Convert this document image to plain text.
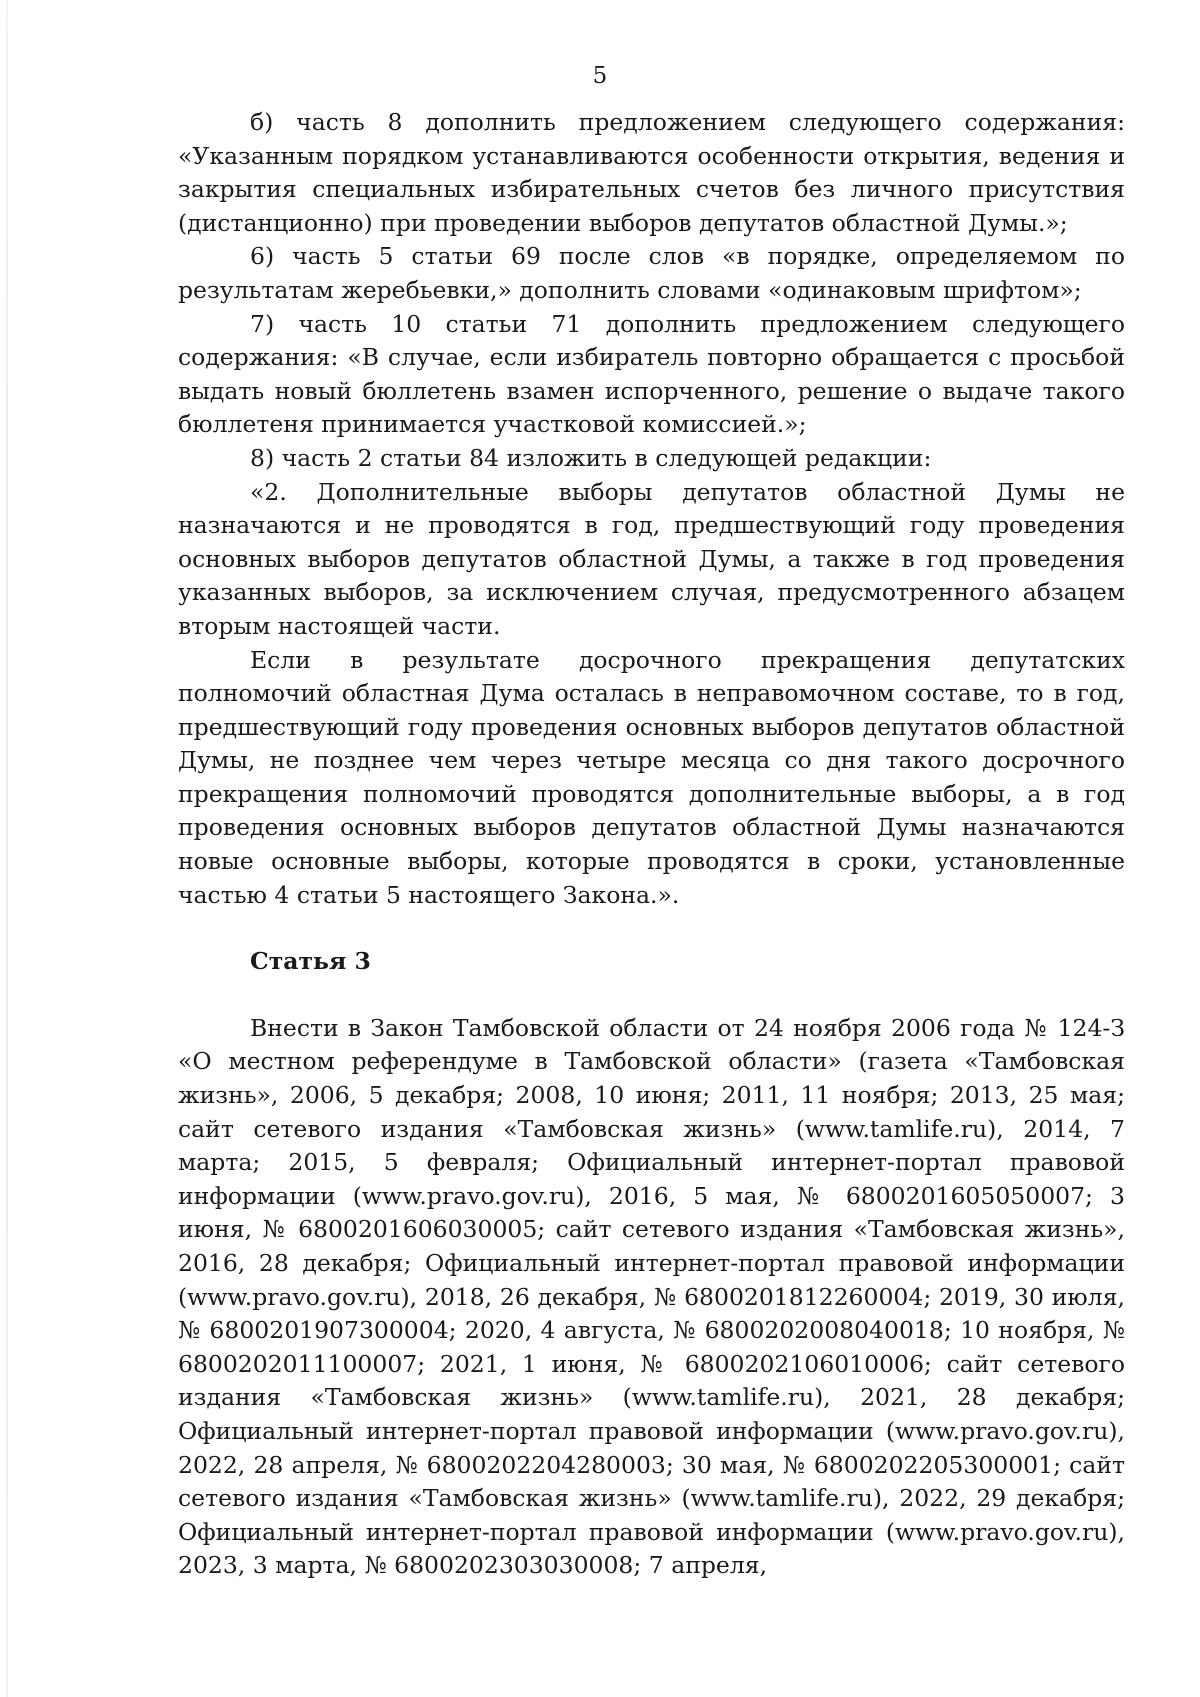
5

б) часть 8 дополнить предложением следующего содержания: «Указанным порядком устанавливаются особенности открытия, ведения и закрытия специальных избирательных счетов без личного присутствия (дистанционно) при проведении выборов депутатов областной Думы.»;

6) часть 5 статьи 69 после слов «в порядке, определяемом по результатам жеребьевки,» дополнить словами «одинаковым шрифтом»;

7) часть 10 статьи 71 дополнить предложением следующего содержания: «В случае, если избиратель повторно обращается с просьбой выдать новый бюллетень взамен испорченного, решение о выдаче такого бюллетеня принимается участковой комиссией.»;

8) часть 2 статьи 84 изложить в следующей редакции:

«2. Дополнительные выборы депутатов областной Думы не назначаются и не проводятся в год, предшествующий году проведения основных выборов депутатов областной Думы, а также в год проведения указанных выборов, за исключением случая, предусмотренного абзацем вторым настоящей части.

Если в результате досрочного прекращения депутатских полномочий областная Дума осталась в неправомочном составе, то в год, предшествующий году проведения основных выборов депутатов областной Думы, не позднее чем через четыре месяца со дня такого досрочного прекращения полномочий проводятся дополнительные выборы, а в год проведения основных выборов депутатов областной Думы назначаются новые основные выборы, которые проводятся в сроки, установленные частью 4 статьи 5 настоящего Закона.».

Статья 3

Внести в Закон Тамбовской области от 24 ноября 2006 года № 124-З «О местном референдуме в Тамбовской области» (газета «Тамбовская жизнь», 2006, 5 декабря; 2008, 10 июня; 2011, 11 ноября; 2013, 25 мая; сайт сетевого издания «Тамбовская жизнь» (www.tamlife.ru), 2014, 7 марта; 2015, 5 февраля; Официальный интернет-портал правовой информации (www.pravo.gov.ru), 2016, 5 мая, № 6800201605050007; 3 июня, № 6800201606030005; сайт сетевого издания «Тамбовская жизнь», 2016, 28 декабря; Официальный интернет-портал правовой информации (www.pravo.gov.ru), 2018, 26 декабря, № 6800201812260004; 2019, 30 июля, № 6800201907300004; 2020, 4 августа, № 6800202008040018; 10 ноября, № 6800202011100007; 2021, 1 июня, № 6800202106010006; сайт сетевого издания «Тамбовская жизнь» (www.tamlife.ru), 2021, 28 декабря; Официальный интернет-портал правовой информации (www.pravo.gov.ru), 2022, 28 апреля, № 6800202204280003; 30 мая, № 6800202205300001; сайт сетевого издания «Тамбовская жизнь» (www.tamlife.ru), 2022, 29 декабря; Официальный интернет-портал правовой информации (www.pravo.gov.ru), 2023, 3 марта, № 6800202303030008; 7 апреля,
